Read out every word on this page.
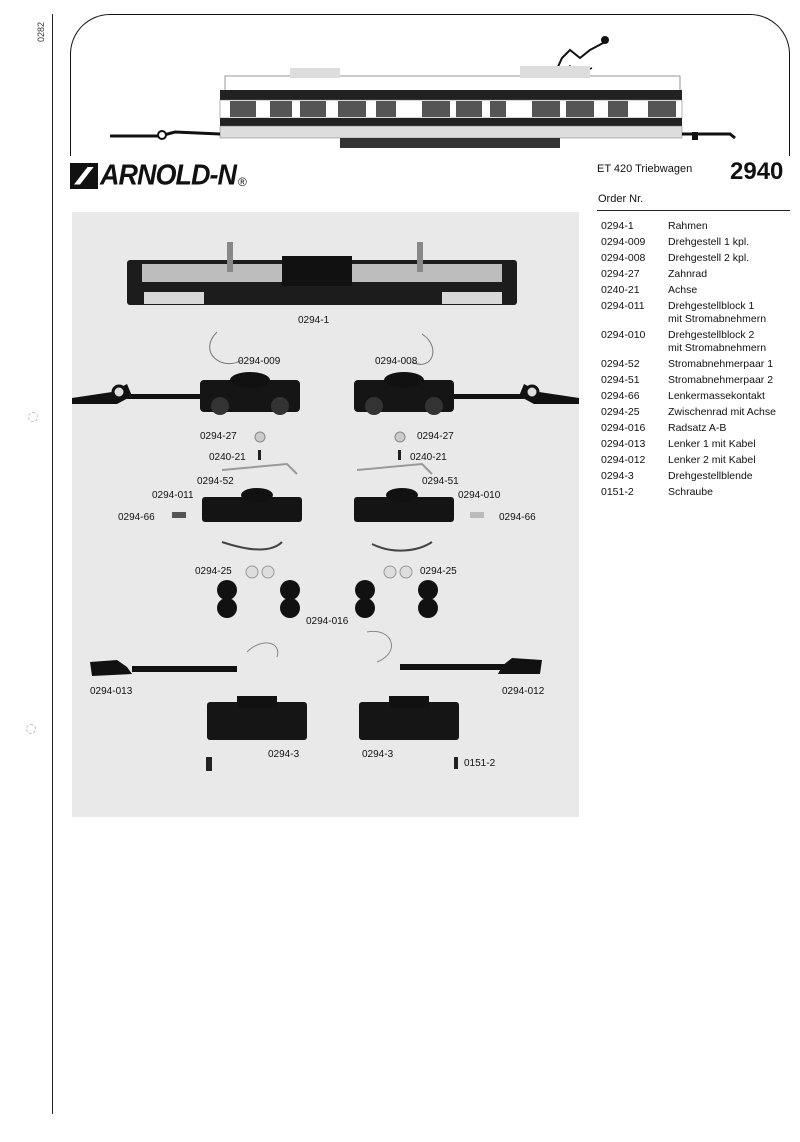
0282
ARNOLD-N ®
ET 420 Triebwagen 2940
Order Nr.
0294-1	Rahmen
0294-009	Drehgestell 1 kpl.
0294-008	Drehgestell 2 kpl.
0294-27	Zahnrad
0240-21	Achse
0294-011	Drehgestellblock 1
mit Stromabnehmern
0294-010	Drehgestellblock 2
mit Stromabnehmern
0294-52	Stromabnehmerpaar 1
0294-51	Stromabnehmerpaar 2
0294-66	Lenkermassekontakt
0294-25	Zwischenrad mit Achse
0294-016	Radsatz A-B
0294-013	Lenker 1 mit Kabel
0294-012	Lenker 2 mit Kabel
0294-3	Drehgestellblende
0151-2	Schraube
0294-1
0294-009	0294-008
0294-27	0294-27
0240-21	0240-21
0294-52	0294-51
0294-011	0294-010
0294-66	0294-66
0294-25	0294-25
0294-016
0294-013	0294-012
0294-3	0294-3
0151-2
